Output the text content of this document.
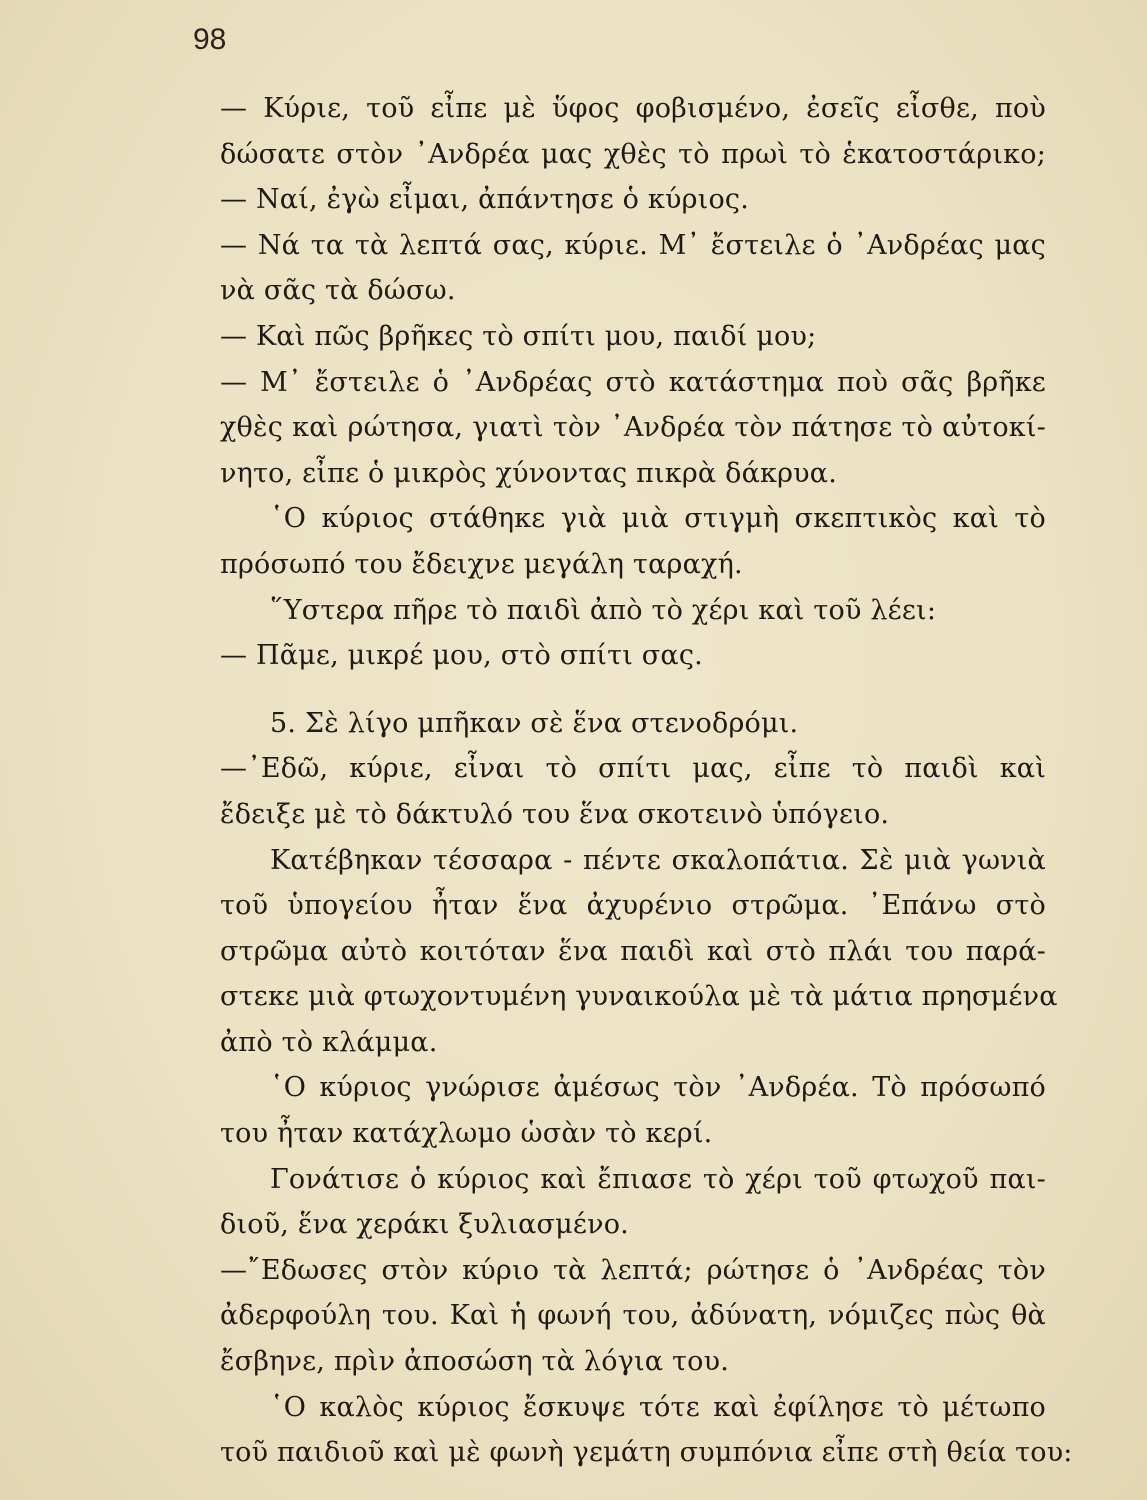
98
— Κύριε, τοῦ εἶπε μὲ ὕφος φοβισμένο, ἐσεῖς εἶσθε, ποὺ
δώσατε στὸν ᾿Ανδρέα μας χθὲς τὸ πρωὶ τὸ ἑκατοστάρικο;
— Ναί, ἐγὼ εἶμαι, ἀπάντησε ὁ κύριος.
— Νά τα τὰ λεπτά σας, κύριε. Μ᾿ ἔστειλε ὁ ᾿Ανδρέας μας
νὰ σᾶς τὰ δώσω.
— Καὶ πῶς βρῆκες τὸ σπίτι μου, παιδί μου;
— Μ᾿ ἔστειλε ὁ ᾿Ανδρέας στὸ κατάστημα ποὺ σᾶς βρῆκε
χθὲς καὶ ρώτησα, γιατὶ τὸν ᾿Ανδρέα τὸν πάτησε τὸ αὐτοκί-
νητο, εἶπε ὁ μικρὸς χύνοντας πικρὰ δάκρυα.
῾Ο κύριος στάθηκε γιὰ μιὰ στιγμὴ σκεπτικὸς καὶ τὸ
πρόσωπό του ἔδειχνε μεγάλη ταραχή.
῞Υστερα πῆρε τὸ παιδὶ ἀπὸ τὸ χέρι καὶ τοῦ λέει:
— Πᾶμε, μικρέ μου, στὸ σπίτι σας.
5. Σὲ λίγο μπῆκαν σὲ ἕνα στενοδρόμι.
—᾿Εδῶ, κύριε, εἶναι τὸ σπίτι μας, εἶπε τὸ παιδὶ καὶ
ἔδειξε μὲ τὸ δάκτυλό του ἕνα σκοτεινὸ ὑπόγειο.
Κατέβηκαν τέσσαρα - πέντε σκαλοπάτια. Σὲ μιὰ γωνιὰ
τοῦ ὑπογείου ἦταν ἕνα ἀχυρένιο στρῶμα. ᾿Επάνω στὸ
στρῶμα αὐτὸ κοιτόταν ἕνα παιδὶ καὶ στὸ πλάι του παρά-
στεκε μιὰ φτωχοντυμένη γυναικούλα μὲ τὰ μάτια πρησμένα
ἀπὸ τὸ κλάμμα.
῾Ο κύριος γνώρισε ἀμέσως τὸν ᾿Ανδρέα. Τὸ πρόσωπό
του ἦταν κατάχλωμο ὡσὰν τὸ κερί.
Γονάτισε ὁ κύριος καὶ ἔπιασε τὸ χέρι τοῦ φτωχοῦ παι-
διοῦ, ἕνα χεράκι ξυλιασμένο.
—῎Εδωσες στὸν κύριο τὰ λεπτά; ρώτησε ὁ ᾿Ανδρέας τὸν
ἀδερφούλη του. Καὶ ἡ φωνή του, ἀδύνατη, νόμιζες πὼς θὰ
ἔσβηνε, πρὶν ἀποσώση τὰ λόγια του.
῾Ο καλὸς κύριος ἔσκυψε τότε καὶ ἐφίλησε τὸ μέτωπο
τοῦ παιδιοῦ καὶ μὲ φωνὴ γεμάτη συμπόνια εἶπε στὴ θεία του:
